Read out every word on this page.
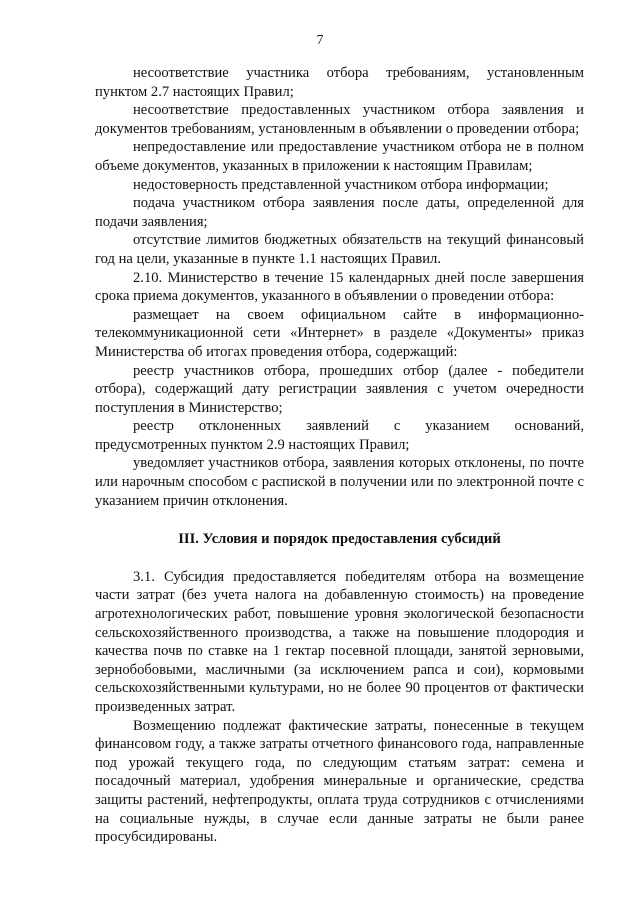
7

несоответствие участника отбора требованиям, установленным пунктом 2.7 настоящих Правил;

несоответствие предоставленных участником отбора заявления и документов требованиям, установленным в объявлении о проведении отбора;

непредоставление или предоставление участником отбора не в полном объеме документов, указанных в приложении к настоящим Правилам;

недостоверность представленной участником отбора информации;

подача участником отбора заявления после даты, определенной для подачи заявления;

отсутствие лимитов бюджетных обязательств на текущий финансовый год на цели, указанные в пункте 1.1 настоящих Правил.

2.10. Министерство в течение 15 календарных дней после завершения срока приема документов, указанного в объявлении о проведении отбора:

размещает на своем официальном сайте в информационно-телекоммуникационной сети «Интернет» в разделе «Документы» приказ Министерства об итогах проведения отбора, содержащий:

реестр участников отбора, прошедших отбор (далее - победители отбора), содержащий дату регистрации заявления с учетом очередности поступления в Министерство;

реестр отклоненных заявлений с указанием оснований, предусмотренных пунктом 2.9 настоящих Правил;

уведомляет участников отбора, заявления которых отклонены, по почте или нарочным способом с распиской в получении или по электронной почте с указанием причин отклонения.

III. Условия и порядок предоставления субсидий

3.1. Субсидия предоставляется победителям отбора на возмещение части затрат (без учета налога на добавленную стоимость) на проведение агротехнологических работ, повышение уровня экологической безопасности сельскохозяйственного производства, а также на повышение плодородия и качества почв по ставке на 1 гектар посевной площади, занятой зерновыми, зернобобовыми, масличными (за исключением рапса и сои), кормовыми сельскохозяйственными культурами, но не более 90 процентов от фактически произведенных затрат.

Возмещению подлежат фактические затраты, понесенные в текущем финансовом году, а также затраты отчетного финансового года, направленные под урожай текущего года, по следующим статьям затрат: семена и посадочный материал, удобрения минеральные и органические, средства защиты растений, нефтепродукты, оплата труда сотрудников с отчислениями на социальные нужды, в случае если данные затраты не были ранее просубсидированы.
